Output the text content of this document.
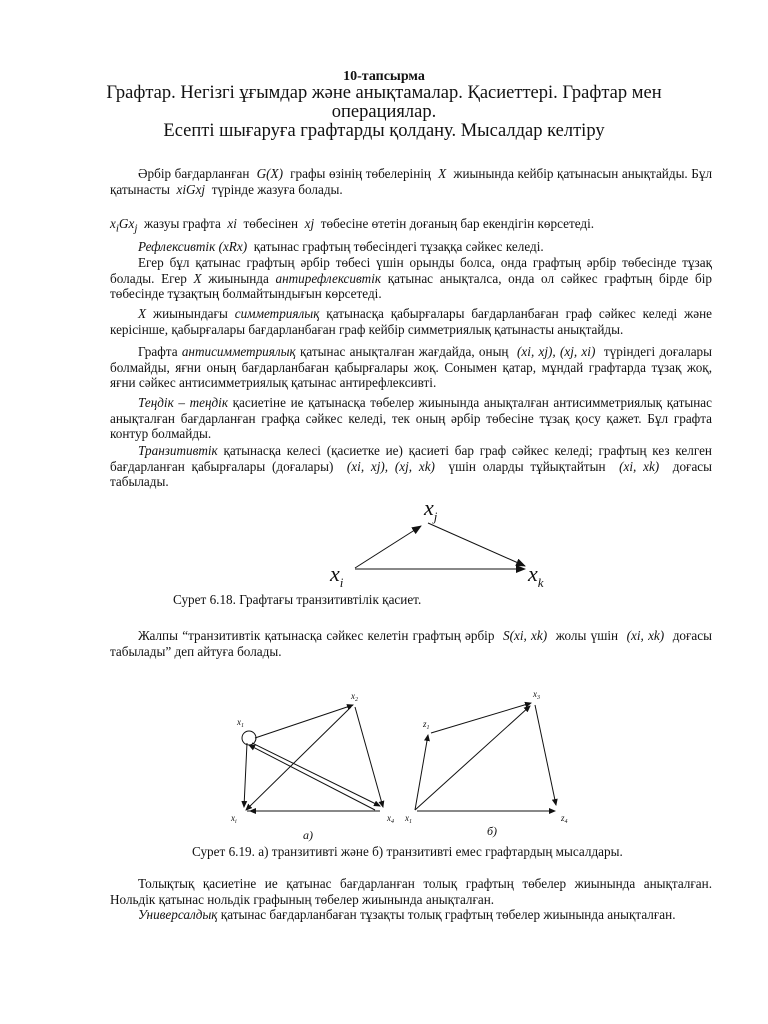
10-тапсырма
Графтар. Негізгі ұғымдар және анықтамалар. Қасиеттері. Графтар мен
операциялар.
Есепті шығаруға графтарды қолдану. Мысалдар келтіру
Әрбір бағдарланған G(X) графы өзінің төбелерінің X жиынында кейбір қатынасын анықтайды. Бұл қатынасты xiGxj түрінде жазуға болады.
$x_iGx_j$ жазуы графта xi төбесінен xj төбесіне өтетін доғаның бар екендігін көрсетеді.
Рефлексивтік (xRx) қатынас графтың төбесіндегі тұзаққа сәйкес келеді.
Егер бұл қатынас графтың әрбір төбесі үшін орынды болса, онда графтың әрбір төбесінде тұзақ болады. Егер X жиынында антирефлексивтік қатынас анықталса, онда ол сәйкес графтың бірде бір төбесінде тұзақтың болмайтындығын көрсетеді.
X жиынындағы симметриялық қатынасқа қабырғалары бағдарланбаған граф сәйкес келеді және керісінше, қабырғалары бағдарланбаған граф кейбір симметриялық қатынасты анықтайды.
Графта антисимметриялық қатынас анықталған жағдайда, оның (xi, xj), (xj, xi) түріндегі доғалары болмайды, яғни оның бағдарланбаған қабырғалары жоқ. Сонымен қатар, мұндай графтарда тұзақ жоқ, яғни сәйкес антисимметриялық қатынас антирефлексивті.
Теңдік – теңдік қасиетіне ие қатынасқа төбелер жиынында анықталған антисимметриялық қатынас анықталған бағдарланған графқа сәйкес келеді, тек оның әрбір төбесіне тұзақ қосу қажет. Бұл графта контур болмайды.
Транзитивтік қатынасқа келесі (қасиетке ие) қасиеті бар граф сәйкес келеді; графтың кез келген бағдарланған қабырғалары (доғалары) (xi, xj), (xj, xk) үшін оларды тұйықтайтын (xi, xk) доғасы табылады.
$x_i$
$x_j$
$x_k$
Сурет 6.18. Графтағы транзитивтілік қасиет.
Жалпы “транзитивтік қатынасқа сәйкес келетін графтың әрбір S(xi, xk) жолы үшін (xi, xk) доғасы табылады” деп айтуға болады.
$x_1$
$x_2$
$x_i$	$x_4$
а)
$z_1$
$x_3$
$x_1$	$z_4$
б)
Сурет 6.19. а) транзитивті және б) транзитивті емес графтардың мысалдары.
Толықтық қасиетіне ие қатынас бағдарланған толық графтың төбелер жиынында анықталған. Нольдік қатынас нольдік графының төбелер жиынында анықталған.
Универсалдық қатынас бағдарланбаған тұзақты толық графтың төбелер жиынында анықталған.
